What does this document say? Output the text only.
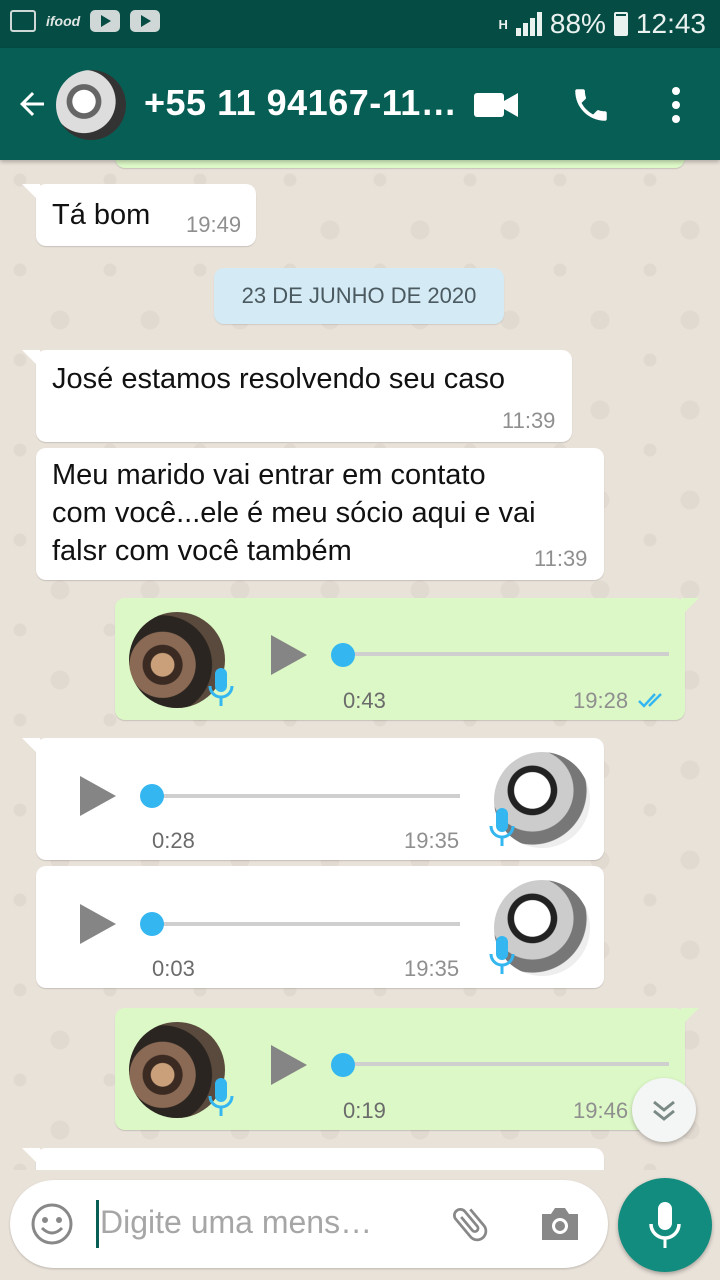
ifood	H 88% 12:43
+55 11 94167-11…
Tá bom 19:49
23 DE JUNHO DE 2020
José estamos resolvendo seu caso
11:39
Meu marido vai entrar em contato
com você...ele é meu sócio aqui e vai
falsr com você também	11:39
0:43	19:28
0:28	19:35
0:03	19:35
0:19	19:46
Digite uma mens…
